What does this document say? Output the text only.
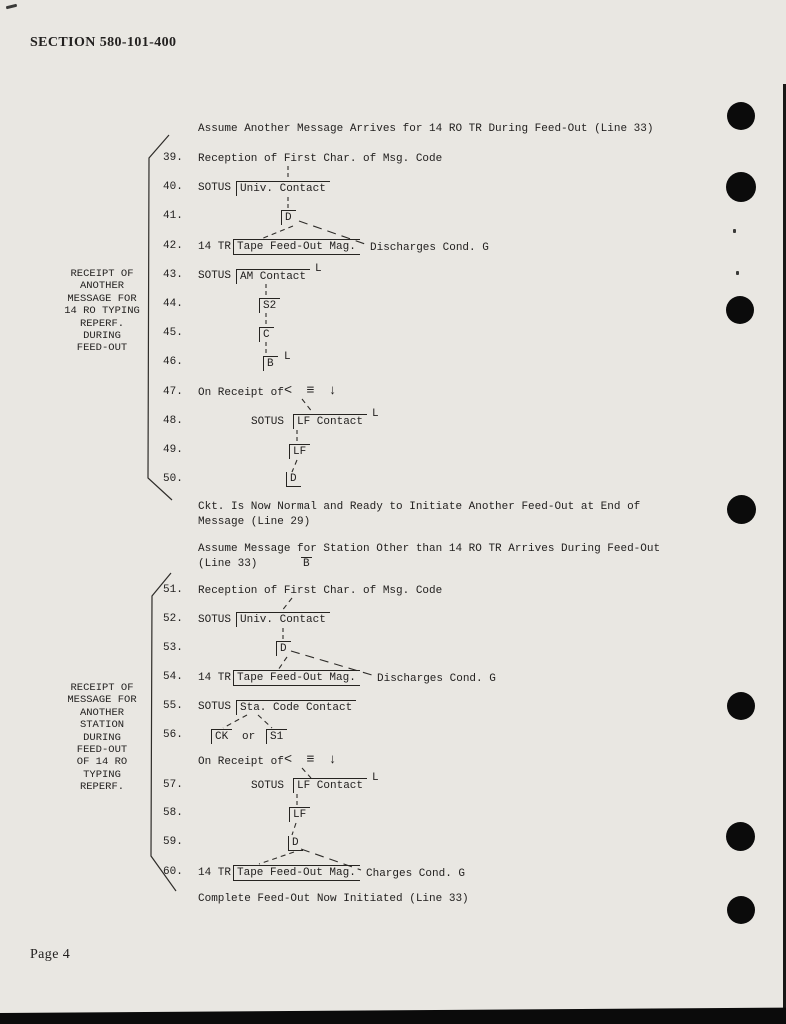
SECTION 580-101-400
Page 4
Assume Another Message Arrives for 14 RO TR During Feed-Out (Line 33)
RECEIPT OF
ANOTHER
MESSAGE FOR
14 RO TYPING
REPERF.
DURING
FEED-OUT
39. Reception of First Char. of Msg. Code
40. SOTUS Univ. Contact
41.	D
42. 14 TR Tape Feed-Out Mag.	Discharges Cond. G
43. SOTUS AM Contact
L
44.	S2
45.	C
46.	B
L
47. On Receipt of < ≡ ↓
48.	SOTUS	LF Contact
L
49.	LF
50.	D
Ckt. Is Now Normal and Ready to Initiate Another Feed-Out at End of
Message (Line 29)
Assume Message for Station Other than 14 RO TR Arrives During Feed-Out
(Line 33)	B
RECEIPT OF
MESSAGE FOR
ANOTHER
STATION
DURING
FEED-OUT
OF 14 RO
TYPING
REPERF.
51. Reception of First Char. of Msg. Code
52. SOTUS Univ. Contact
53.	D
54. 14 TR Tape Feed-Out Mag.	Discharges Cond. G
55. SOTUS Sta. Code Contact
56.	CK	or	S1
On Receipt of < ≡ ↓
57.	SOTUS	LF Contact
L
58.	LF
59.	D
60. 14 TR Tape Feed-Out Mag. Charges Cond. G
Complete Feed-Out Now Initiated (Line 33)
